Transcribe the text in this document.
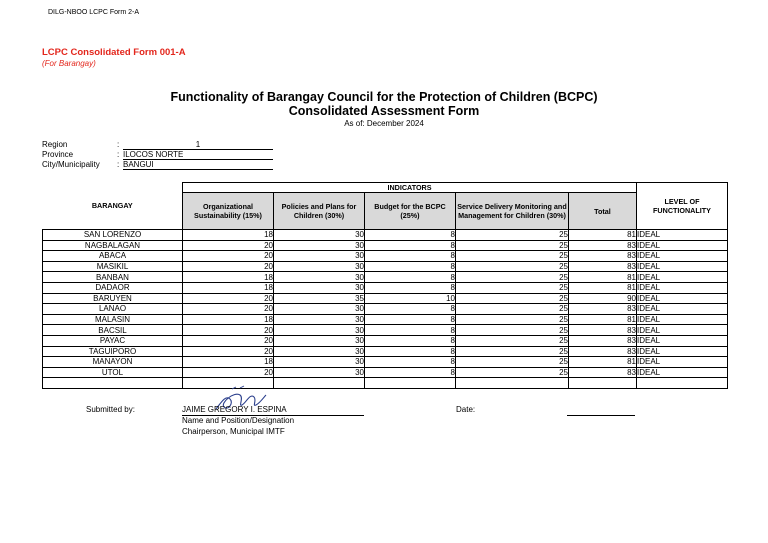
DILG-NBOO LCPC Form 2-A
LCPC Consolidated Form 001-A
(For Barangay)
Functionality of Barangay Council for the Protection of Children (BCPC)
Consolidated Assessment Form
As of: December 2024
Region	:	1
Province	: ILOCOS NORTE
City/Municipality	: BANGUI
BARANGAY	INDICATORS					LEVEL OF FUNCTIONALITY
	Organizational Sustainability (15%)	Policies and Plans for Children (30%)	Budget for the BCPC (25%)	Service Delivery Monitoring and Management for Children (30%)	Total	
SAN LORENZO	18	30	8	25	81	IDEAL
NAGBALAGAN	20	30	8	25	83	IDEAL
ABACA	20	30	8	25	83	IDEAL
MASIKIL	20	30	8	25	83	IDEAL
BANBAN	18	30	8	25	81	IDEAL
DADAOR	18	30	8	25	81	IDEAL
BARUYEN	20	35	10	25	90	IDEAL
LANAO	20	30	8	25	83	IDEAL
MALASIN	18	30	8	25	81	IDEAL
BACSIL	20	30	8	25	83	IDEAL
PAYAC	20	30	8	25	83	IDEAL
TAGUIPORO	20	30	8	25	83	IDEAL
MANAYON	18	30	8	25	81	IDEAL
UTOL	20	30	8	25	83	IDEAL

Submitted by:	JAIME GREGORY I. ESPINA
Name and Position/Designation
Chairperson, Municipal IMTF
Date:
